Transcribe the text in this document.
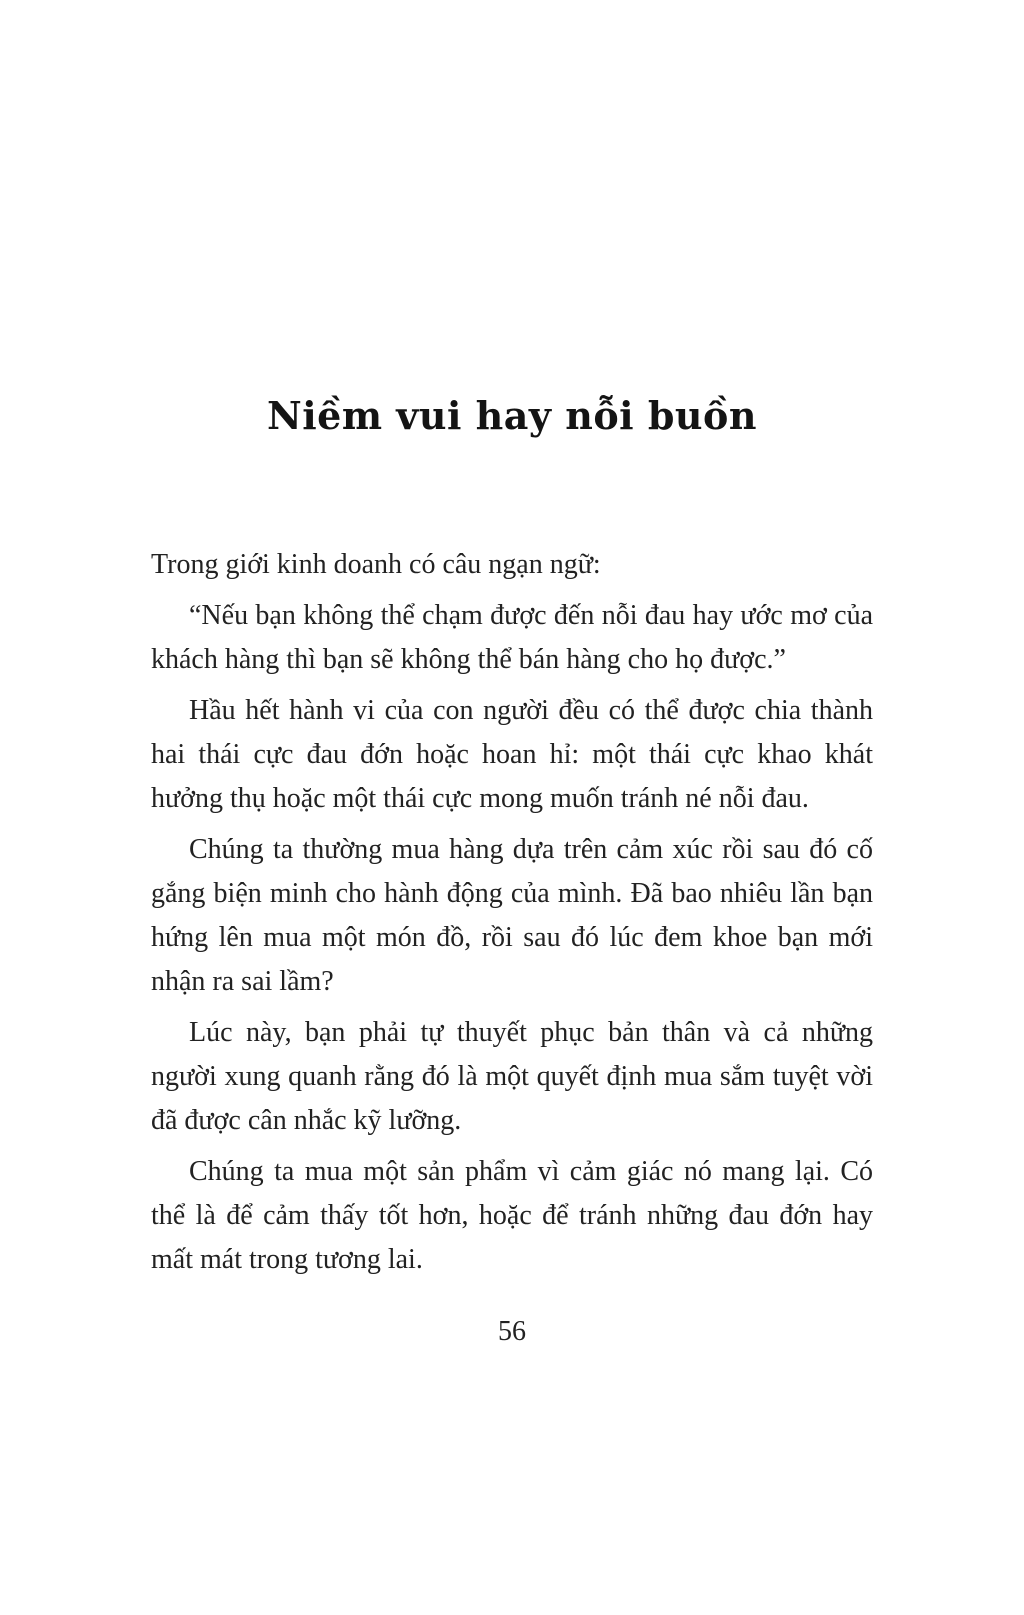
Niềm vui hay nỗi buồn

Trong giới kinh doanh có câu ngạn ngữ:

“Nếu bạn không thể chạm được đến nỗi đau hay ước mơ của khách hàng thì bạn sẽ không thể bán hàng cho họ được.”

Hầu hết hành vi của con người đều có thể được chia thành hai thái cực đau đớn hoặc hoan hỉ: một thái cực khao khát hưởng thụ hoặc một thái cực mong muốn tránh né nỗi đau.

Chúng ta thường mua hàng dựa trên cảm xúc rồi sau đó cố gắng biện minh cho hành động của mình. Đã bao nhiêu lần bạn hứng lên mua một món đồ, rồi sau đó lúc đem khoe bạn mới nhận ra sai lầm?

Lúc này, bạn phải tự thuyết phục bản thân và cả những người xung quanh rằng đó là một quyết định mua sắm tuyệt vời đã được cân nhắc kỹ lưỡng.

Chúng ta mua một sản phẩm vì cảm giác nó mang lại. Có thể là để cảm thấy tốt hơn, hoặc để tránh những đau đớn hay mất mát trong tương lai.

56
